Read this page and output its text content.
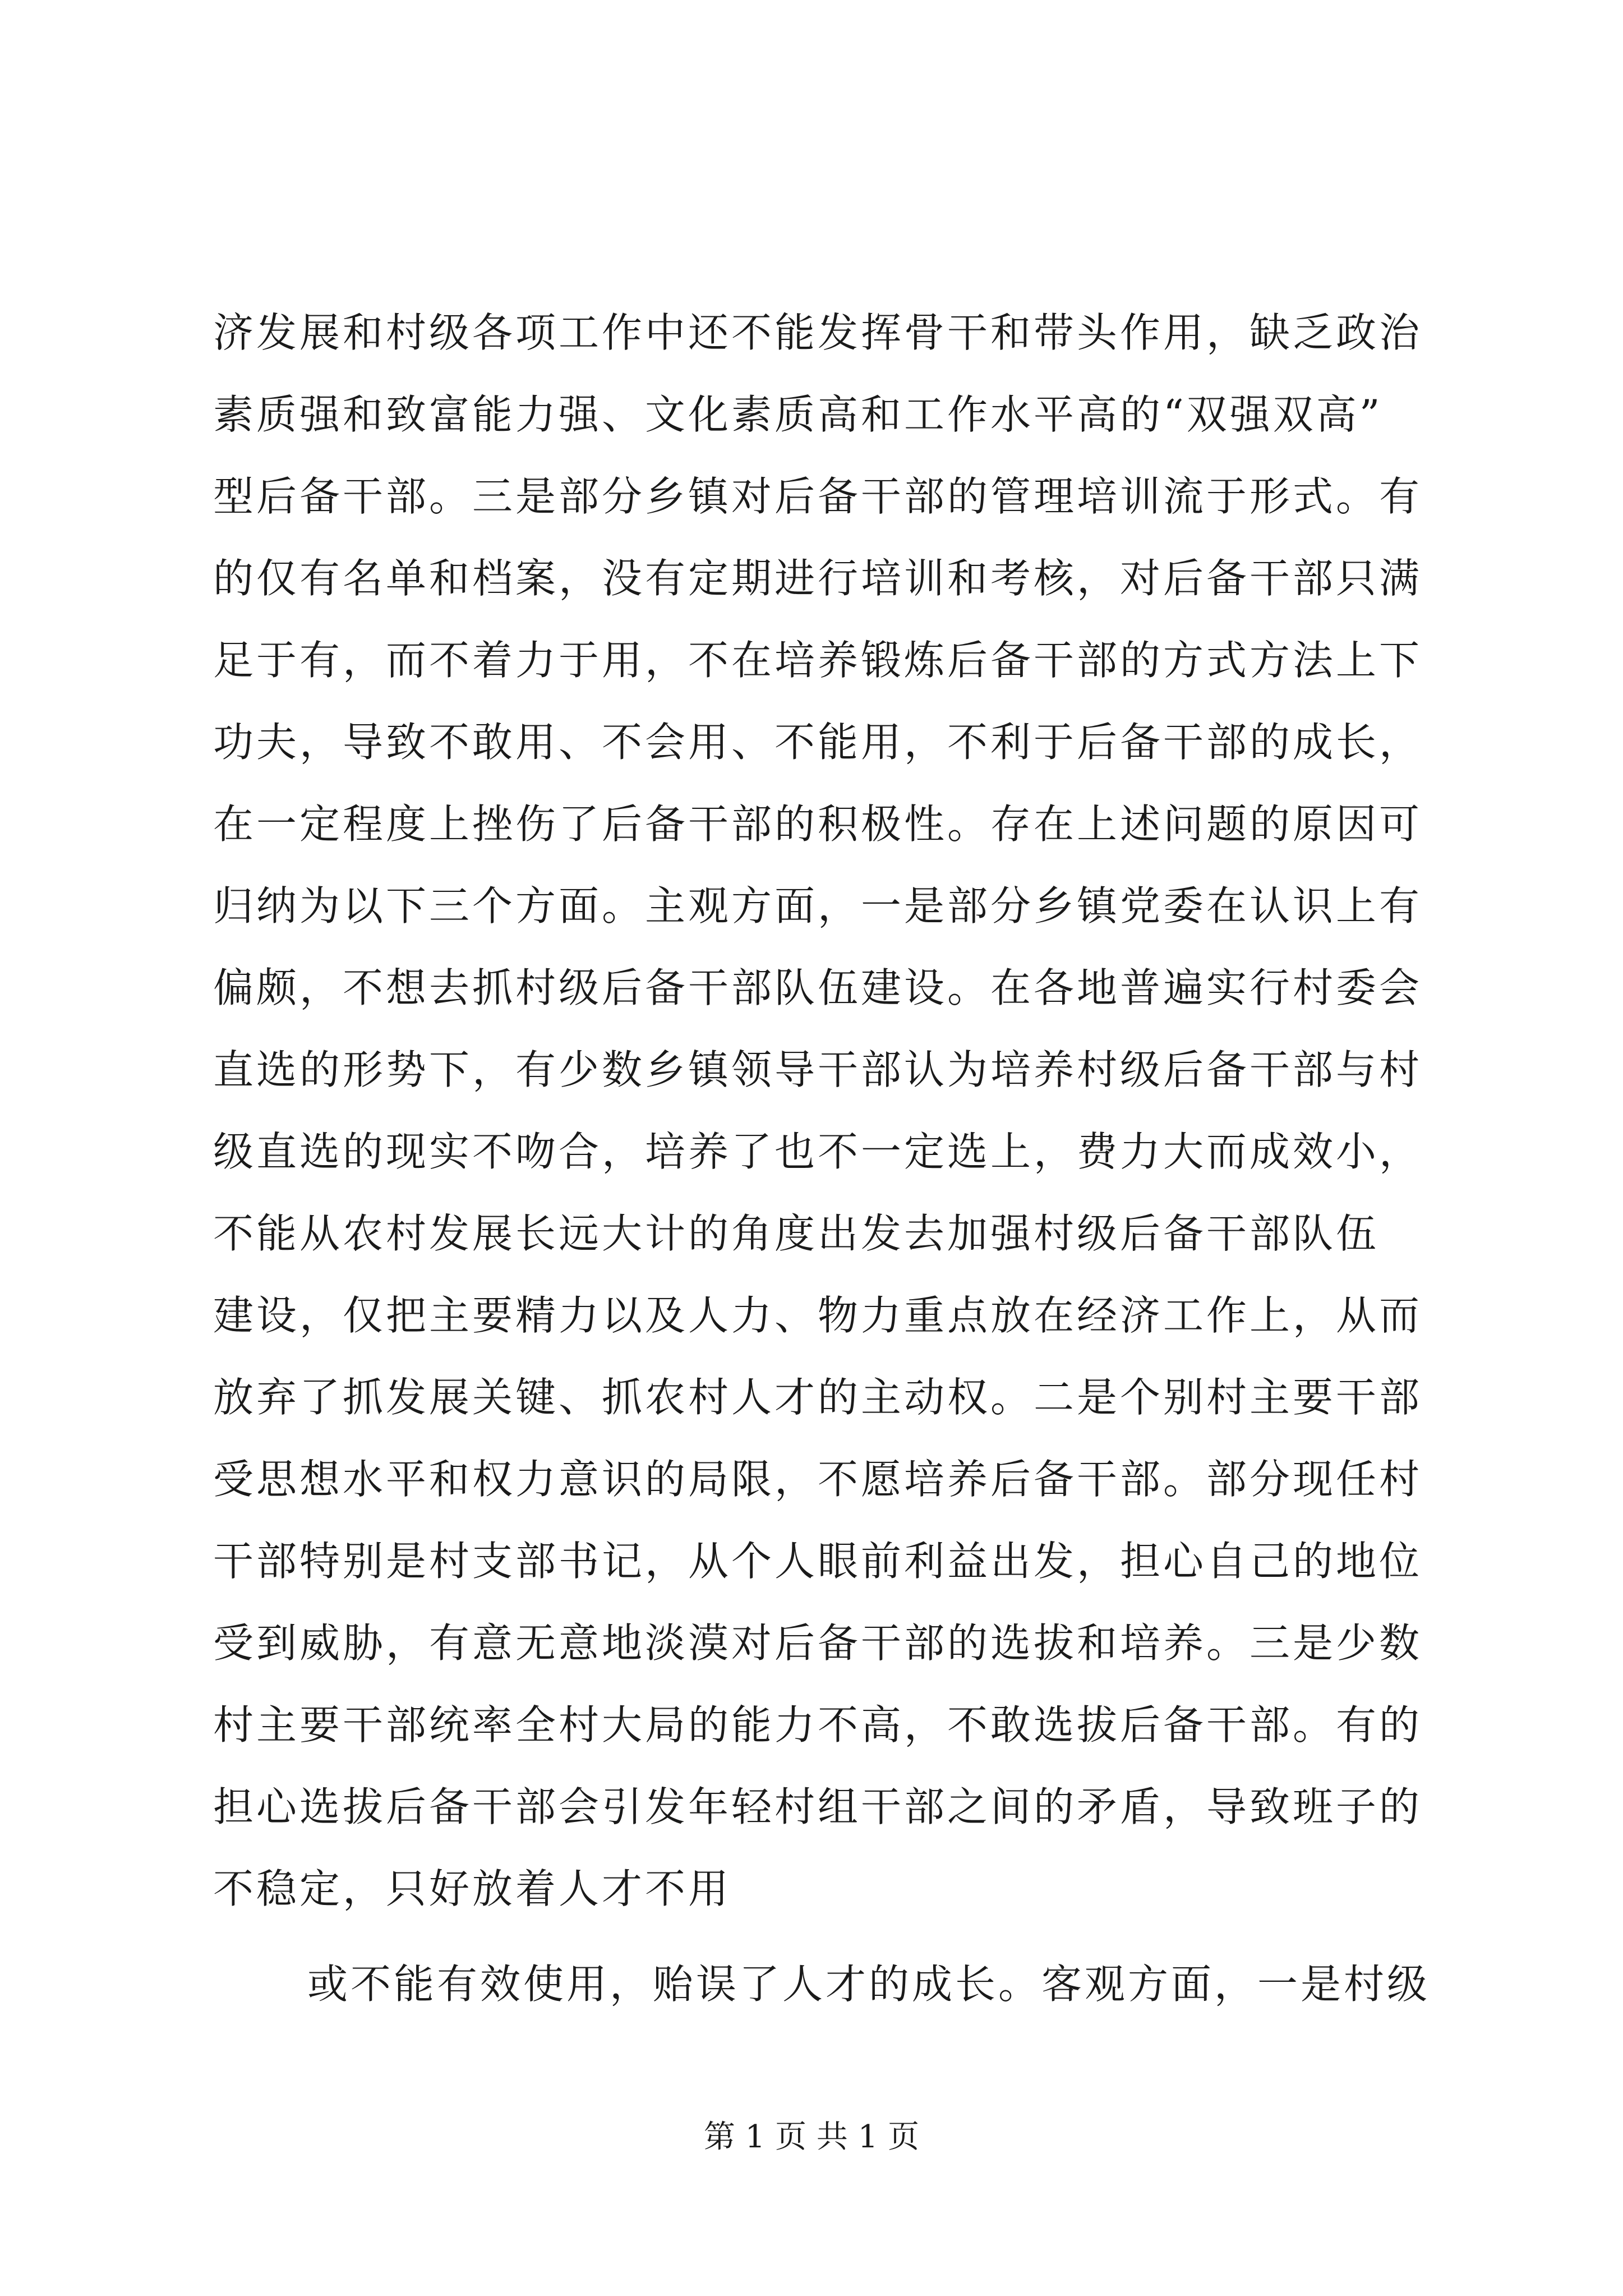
济发展和村级各项工作中还不能发挥骨干和带头作用，缺乏政治
素质强和致富能力强、文化素质高和工作水平高的“双强双高”
型后备干部。三是部分乡镇对后备干部的管理培训流于形式。有
的仅有名单和档案，没有定期进行培训和考核，对后备干部只满
足于有，而不着力于用，不在培养锻炼后备干部的方式方法上下
功夫，导致不敢用、不会用、不能用，不利于后备干部的成长，
在一定程度上挫伤了后备干部的积极性。存在上述问题的原因可
归纳为以下三个方面。主观方面，一是部分乡镇党委在认识上有
偏颇，不想去抓村级后备干部队伍建设。在各地普遍实行村委会
直选的形势下，有少数乡镇领导干部认为培养村级后备干部与村
级直选的现实不吻合，培养了也不一定选上，费力大而成效小，
不能从农村发展长远大计的角度出发去加强村级后备干部队伍
建设，仅把主要精力以及人力、物力重点放在经济工作上，从而
放弃了抓发展关键、抓农村人才的主动权。二是个别村主要干部
受思想水平和权力意识的局限，不愿培养后备干部。部分现任村
干部特别是村支部书记，从个人眼前利益出发，担心自己的地位
受到威胁，有意无意地淡漠对后备干部的选拔和培养。三是少数
村主要干部统率全村大局的能力不高，不敢选拔后备干部。有的
担心选拔后备干部会引发年轻村组干部之间的矛盾，导致班子的
不稳定，只好放着人才不用
或不能有效使用，贻误了人才的成长。客观方面，一是村级
第 1 页 共 1 页
